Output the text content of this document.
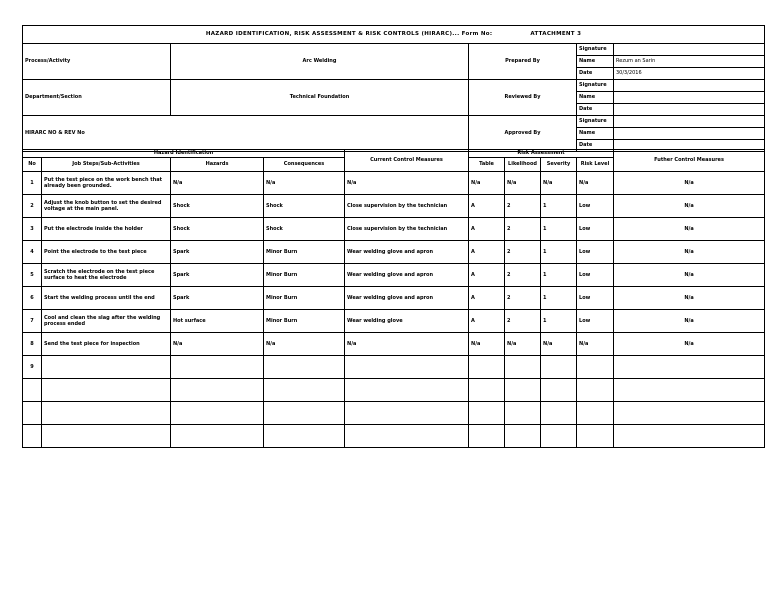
HAZARD IDENTIFICATION, RISK ASSESSMENT & RISK CONTROLS (HIRARC)... Form No: ATTACHMENT 3				
Process/Activity	Arc Welding	Prepared By	Signature	
			Name	Rezum an Sarin
			Date	30/3/2016
Department/Section	Technical Foundation	Reviewed By	Signature	
			Name	
			Date	
HIRARC NO & REV No		Approved By	Signature	
			Name	
			Date	
Hazard Identification				Current Control Measures	Risk Assessment				Futher Control Measures
No	Job Steps/Sub-Activities	Hazards	Consequences		Table	Likelihood	Severity	Risk Level	
1	Put the test piece on the work bench that already been grounded.	N/a	N/a	N/a	N/a	N/a	N/a	N/a	N/a
2	Adjust the knob button to set the desired voltage at the main panel.	Shock	Shock	Close supervision by the technician	A	2	1	Low	N/a
3	Put the electrode inside the holder	Shock	Shock	Close supervision by the technician	A	2	1	Low	N/a
4	Point the electrode to the test piece	Spark	Minor Burn	Wear welding glove and apron	A	2	1	Low	N/a
5	Scratch the electrode on the test piece surface to heat the electrode	Spark	Minor Burn	Wear welding glove and apron	A	2	1	Low	N/a
6	Start the welding process until the end	Spark	Minor Burn	Wear welding glove and apron	A	2	1	Low	N/a
7	Cool and clean the slag after the welding process ended	Hot surface	Minor Burn	Wear welding glove	A	2	1	Low	N/a
8	Send the test piece for inspection	N/a	N/a	N/a	N/a	N/a	N/a	N/a	N/a
9									
